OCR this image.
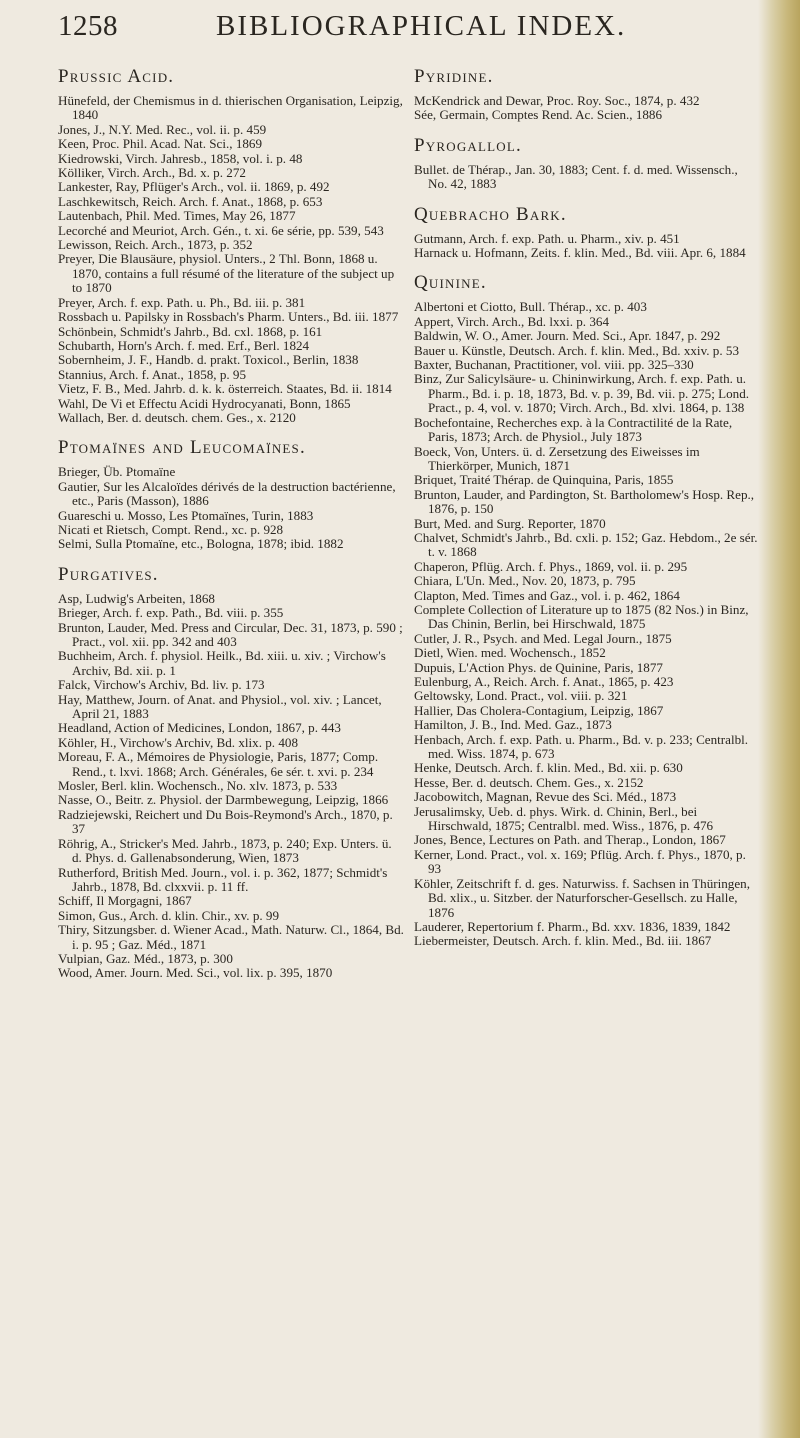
1258	BIBLIOGRAPHICAL INDEX.
Prussic Acid.

Hünefeld, der Chemismus in d. thierischen Organisation, Leipzig, 1840

Jones, J., N.Y. Med. Rec., vol. ii. p. 459

Keen, Proc. Phil. Acad. Nat. Sci., 1869

Kiedrowski, Virch. Jahresb., 1858, vol. i. p. 48

Kölliker, Virch. Arch., Bd. x. p. 272

Lankester, Ray, Pflüger's Arch., vol. ii. 1869, p. 492

Laschkewitsch, Reich. Arch. f. Anat., 1868, p. 653

Lautenbach, Phil. Med. Times, May 26, 1877

Lecorché and Meuriot, Arch. Gén., t. xi. 6e série, pp. 539, 543

Lewisson, Reich. Arch., 1873, p. 352

Preyer, Die Blausäure, physiol. Unters., 2 Thl. Bonn, 1868 u. 1870, contains a full résumé of the literature of the subject up to 1870

Preyer, Arch. f. exp. Path. u. Ph., Bd. iii. p. 381

Rossbach u. Papilsky in Rossbach's Pharm. Unters., Bd. iii. 1877

Schönbein, Schmidt's Jahrb., Bd. cxl. 1868, p. 161

Schubarth, Horn's Arch. f. med. Erf., Berl. 1824

Sobernheim, J. F., Handb. d. prakt. Toxicol., Berlin, 1838

Stannius, Arch. f. Anat., 1858, p. 95

Vietz, F. B., Med. Jahrb. d. k. k. österreich. Staates, Bd. ii. 1814

Wahl, De Vi et Effectu Acidi Hydrocyanati, Bonn, 1865

Wallach, Ber. d. deutsch. chem. Ges., x. 2120

Ptomaïnes and Leucomaïnes.

Brieger, Üb. Ptomaïne

Gautier, Sur les Alcaloïdes dérivés de la destruction bactérienne, etc., Paris (Masson), 1886

Guareschi u. Mosso, Les Ptomaïnes, Turin, 1883

Nicati et Rietsch, Compt. Rend., xc. p. 928

Selmi, Sulla Ptomaïne, etc., Bologna, 1878; ibid. 1882

Purgatives.

Asp, Ludwig's Arbeiten, 1868

Brieger, Arch. f. exp. Path., Bd. viii. p. 355

Brunton, Lauder, Med. Press and Circular, Dec. 31, 1873, p. 590 ; Pract., vol. xii. pp. 342 and 403

Buchheim, Arch. f. physiol. Heilk., Bd. xiii. u. xiv. ; Virchow's Archiv, Bd. xii. p. 1

Falck, Virchow's Archiv, Bd. liv. p. 173

Hay, Matthew, Journ. of Anat. and Physiol., vol. xiv. ; Lancet, April 21, 1883

Headland, Action of Medicines, London, 1867, p. 443

Köhler, H., Virchow's Archiv, Bd. xlix. p. 408

Moreau, F. A., Mémoires de Physiologie, Paris, 1877; Comp. Rend., t. lxvi. 1868; Arch. Générales, 6e sér. t. xvi. p. 234

Mosler, Berl. klin. Wochensch., No. xlv. 1873, p. 533

Nasse, O., Beitr. z. Physiol. der Darmbewegung, Leipzig, 1866

Radziejewski, Reichert und Du Bois-Reymond's Arch., 1870, p. 37

Röhrig, A., Stricker's Med. Jahrb., 1873, p. 240; Exp. Unters. ü. d. Phys. d. Gallenabsonderung, Wien, 1873

Rutherford, British Med. Journ., vol. i. p. 362, 1877; Schmidt's Jahrb., 1878, Bd. clxxvii. p. 11 ff.

Schiff, Il Morgagni, 1867

Simon, Gus., Arch. d. klin. Chir., xv. p. 99

Thiry, Sitzungsber. d. Wiener Acad., Math. Naturw. Cl., 1864, Bd. i. p. 95 ; Gaz. Méd., 1871

Vulpian, Gaz. Méd., 1873, p. 300

Wood, Amer. Journ. Med. Sci., vol. lix. p. 395, 1870

Pyridine.

McKendrick and Dewar, Proc. Roy. Soc., 1874, p. 432

Sée, Germain, Comptes Rend. Ac. Scien., 1886

Pyrogallol.

Bullet. de Thérap., Jan. 30, 1883; Cent. f. d. med. Wissensch., No. 42, 1883

Quebracho Bark.

Gutmann, Arch. f. exp. Path. u. Pharm., xiv. p. 451

Harnack u. Hofmann, Zeits. f. klin. Med., Bd. viii. Apr. 6, 1884

Quinine.

Albertoni et Ciotto, Bull. Thérap., xc. p. 403

Appert, Virch. Arch., Bd. lxxi. p. 364

Baldwin, W. O., Amer. Journ. Med. Sci., Apr. 1847, p. 292

Bauer u. Künstle, Deutsch. Arch. f. klin. Med., Bd. xxiv. p. 53

Baxter, Buchanan, Practitioner, vol. viii. pp. 325–330

Binz, Zur Salicylsäure- u. Chininwirkung, Arch. f. exp. Path. u. Pharm., Bd. i. p. 18, 1873, Bd. v. p. 39, Bd. vii. p. 275; Lond. Pract., p. 4, vol. v. 1870; Virch. Arch., Bd. xlvi. 1864, p. 138

Bochefontaine, Recherches exp. à la Contractilité de la Rate, Paris, 1873; Arch. de Physiol., July 1873

Boeck, Von, Unters. ü. d. Zersetzung des Eiweisses im Thierkörper, Munich, 1871

Briquet, Traité Thérap. de Quinquina, Paris, 1855

Brunton, Lauder, and Pardington, St. Bartholomew's Hosp. Rep., 1876, p. 150

Burt, Med. and Surg. Reporter, 1870

Chalvet, Schmidt's Jahrb., Bd. cxli. p. 152; Gaz. Hebdom., 2e sér. t. v. 1868

Chaperon, Pflüg. Arch. f. Phys., 1869, vol. ii. p. 295

Chiara, L'Un. Med., Nov. 20, 1873, p. 795

Clapton, Med. Times and Gaz., vol. i. p. 462, 1864

Complete Collection of Literature up to 1875 (82 Nos.) in Binz, Das Chinin, Berlin, bei Hirschwald, 1875

Cutler, J. R., Psych. and Med. Legal Journ., 1875

Dietl, Wien. med. Wochensch., 1852

Dupuis, L'Action Phys. de Quinine, Paris, 1877

Eulenburg, A., Reich. Arch. f. Anat., 1865, p. 423

Geltowsky, Lond. Pract., vol. viii. p. 321

Hallier, Das Cholera-Contagium, Leipzig, 1867

Hamilton, J. B., Ind. Med. Gaz., 1873

Henbach, Arch. f. exp. Path. u. Pharm., Bd. v. p. 233; Centralbl. med. Wiss. 1874, p. 673

Henke, Deutsch. Arch. f. klin. Med., Bd. xii. p. 630

Hesse, Ber. d. deutsch. Chem. Ges., x. 2152

Jacobowitch, Magnan, Revue des Sci. Méd., 1873

Jerusalimsky, Ueb. d. phys. Wirk. d. Chinin, Berl., bei Hirschwald, 1875; Centralbl. med. Wiss., 1876, p. 476

Jones, Bence, Lectures on Path. and Therap., London, 1867

Kerner, Lond. Pract., vol. x. 169; Pflüg. Arch. f. Phys., 1870, p. 93

Köhler, Zeitschrift f. d. ges. Naturwiss. f. Sachsen in Thüringen, Bd. xlix., u. Sitzber. der Naturforscher-Gesellsch. zu Halle, 1876

Lauderer, Repertorium f. Pharm., Bd. xxv. 1836, 1839, 1842

Liebermeister, Deutsch. Arch. f. klin. Med., Bd. iii. 1867
